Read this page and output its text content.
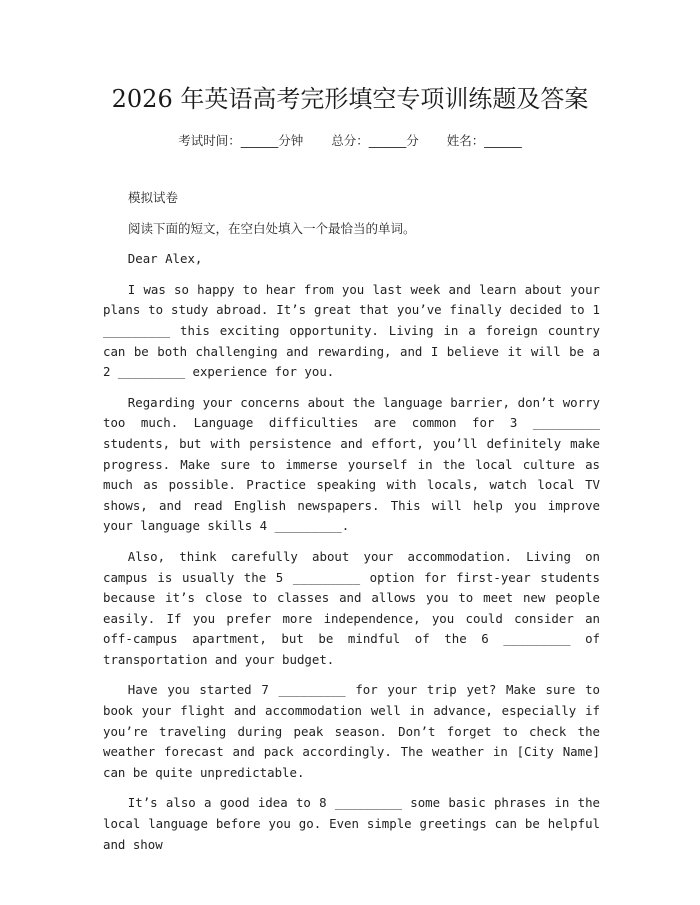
2026 年英语高考完形填空专项训练题及答案
考试时间：______分钟 总分：______分 姓名：______

模拟试卷

阅读下面的短文，在空白处填入一个最恰当的单词。

Dear Alex,

I was so happy to hear from you last week and learn about your plans to study abroad. It’s great that you’ve finally decided to 1 _________ this exciting opportunity. Living in a foreign country can be both challenging and rewarding, and I believe it will be a 2 _________ experience for you.

Regarding your concerns about the language barrier, don’t worry too much. Language difficulties are common for 3 _________ students, but with persistence and effort, you’ll definitely make progress. Make sure to immerse yourself in the local culture as much as possible. Practice speaking with locals, watch local TV shows, and read English newspapers. This will help you improve your language skills 4 _________.

Also, think carefully about your accommodation. Living on campus is usually the 5 _________ option for first-year students because it’s close to classes and allows you to meet new people easily. If you prefer more independence, you could consider an off-campus apartment, but be mindful of the 6 _________ of transportation and your budget.

Have you started 7 _________ for your trip yet? Make sure to book your flight and accommodation well in advance, especially if you’re traveling during peak season. Don’t forget to check the weather forecast and pack accordingly. The weather in [City Name] can be quite unpredictable.

It’s also a good idea to 8 _________ some basic phrases in the local language before you go. Even simple greetings can be helpful and show
